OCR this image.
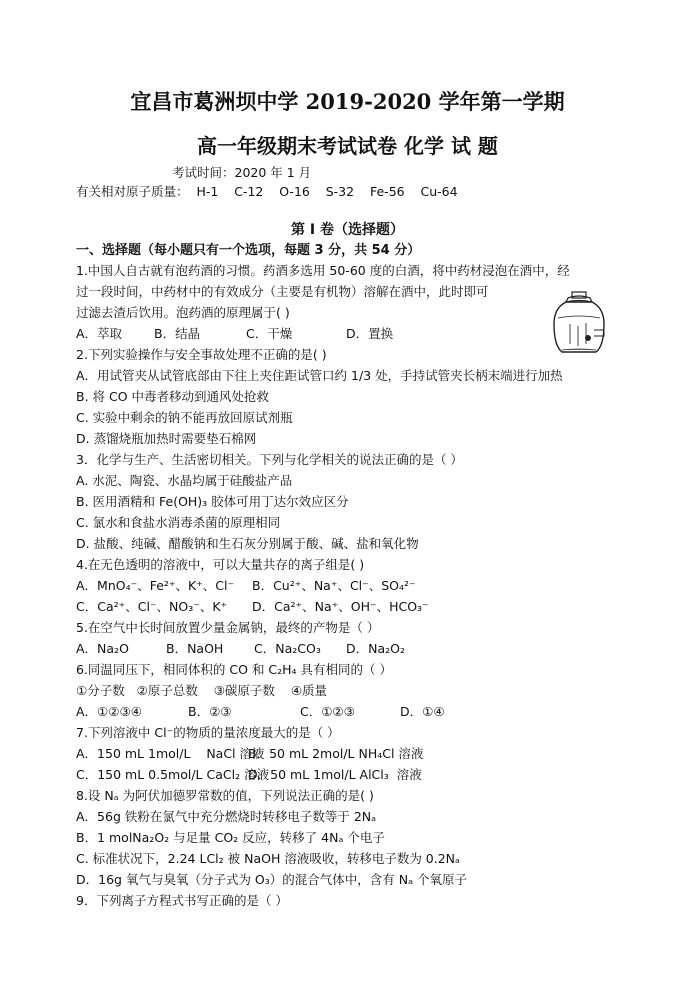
宜昌市葛洲坝中学 2019-2020 学年第一学期
高一年级期末考试试卷 化学 试 题
考试时间：2020 年 1 月
有关相对原子质量：  H-1    C-12    O-16    S-32    Fe-56    Cu-64
第 I 卷（选择题）
一、选择题（每小题只有一个选项，每题 3 分，共 54 分）
1.中国人自古就有泡药酒的习惯。药酒多选用 50-60 度的白酒，将中药材浸泡在酒中，经
过一段时间，中药材中的有效成分（主要是有机物）溶解在酒中，此时即可
过滤去渣后饮用。泡药酒的原理属于( )
A．萃取	B．结晶	C．干燥	D．置换
2.下列实验操作与安全事故处理不正确的是( )
A．用试管夹从试管底部由下往上夹住距试管口约 1/3 处，手持试管夹长柄末端进行加热
B. 将 CO 中毒者移动到通风处抢救
C. 实验中剩余的钠不能再放回原试剂瓶
D. 蒸馏烧瓶加热时需要垫石棉网
3．化学与生产、生活密切相关。下列与化学相关的说法正确的是（ ）
A. 水泥、陶瓷、水晶均属于硅酸盐产品
B. 医用酒精和 Fe(OH)₃ 胶体可用丁达尔效应区分
C. 氯水和食盐水消毒杀菌的原理相同
D. 盐酸、纯碱、醋酸钠和生石灰分别属于酸、碱、盐和氧化物
4.在无色透明的溶液中，可以大量共存的离子组是( )
A．MnO₄⁻、Fe²⁺、K⁺、Cl⁻	B．Cu²⁺、Na⁺、Cl⁻、SO₄²⁻
C．Ca²⁺、Cl⁻、NO₃⁻、K⁺	D．Ca²⁺、Na⁺、OH⁻、HCO₃⁻
5.在空气中长时间放置少量金属钠，最终的产物是（ ）
A．Na₂O	B．NaOH	C．Na₂CO₃	D．Na₂O₂
6.同温同压下，相同体积的 CO 和 C₂H₄ 具有相同的（ ）
①分子数   ②原子总数    ③碳原子数    ④质量
A．①②③④	B．②③	C．①②③	D．①④
7.下列溶液中 Cl⁻的物质的量浓度最大的是（ ）
A．150 mL 1mol/L    NaCl 溶液
B．50 mL 2mol/L NH₄Cl 溶液
C．150 mL 0.5mol/L CaCl₂ 溶液
D．50 mL 1mol/L AlCl₃  溶液
8.设 Nₐ 为阿伏加德罗常数的值，下列说法正确的是( )
A．56g 铁粉在氯气中充分燃烧时转移电子数等于 2Nₐ
B．1 molNa₂O₂ 与足量 CO₂ 反应，转移了 4Nₐ 个电子
C. 标准状况下，2.24 LCl₂ 被 NaOH 溶液吸收，转移电子数为 0.2Nₐ
D．16g 氧气与臭氧（分子式为 O₃）的混合气体中，含有 Nₐ 个氧原子
9．下列离子方程式书写正确的是（ ）
